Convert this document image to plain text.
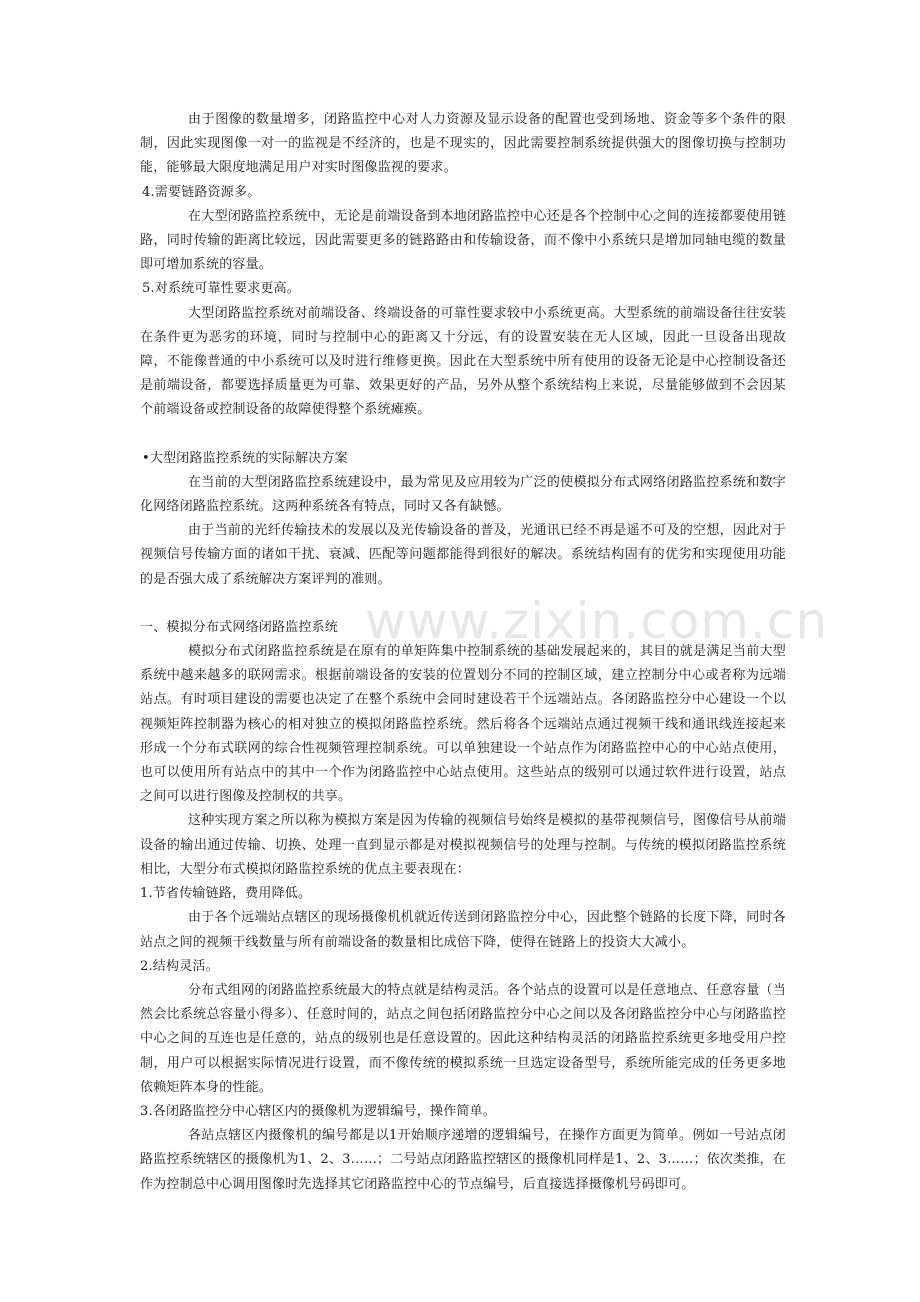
www.zixin.com.cn

由于图像的数量增多，闭路监控中心对人力资源及显示设备的配置也受到场地、资金等多个条件的限制，因此实现图像一对一的监视是不经济的，也是不现实的，因此需要控制系统提供强大的图像切换与控制功能，能够最大限度地满足用户对实时图像监视的要求。

4.需要链路资源多。

在大型闭路监控系统中，无论是前端设备到本地闭路监控中心还是各个控制中心之间的连接都要使用链路，同时传输的距离比较远，因此需要更多的链路路由和传输设备，而不像中小系统只是增加同轴电缆的数量即可增加系统的容量。

5.对系统可靠性要求更高。

大型闭路监控系统对前端设备、终端设备的可靠性要求较中小系统更高。大型系统的前端设备往往安装在条件更为恶劣的环境，同时与控制中心的距离又十分远，有的设置安装在无人区域，因此一旦设备出现故障，不能像普通的中小系统可以及时进行维修更换。因此在大型系统中所有使用的设备无论是中心控制设备还是前端设备，都要选择质量更为可靠、效果更好的产品，另外从整个系统结构上来说，尽量能够做到不会因某个前端设备或控制设备的故障使得整个系统瘫痪。

•大型闭路监控系统的实际解决方案

在当前的大型闭路监控系统建设中，最为常见及应用较为广泛的使模拟分布式网络闭路监控系统和数字化网络闭路监控系统。这两种系统各有特点，同时又各有缺憾。

由于当前的光纤传输技术的发展以及光传输设备的普及，光通讯已经不再是遥不可及的空想，因此对于视频信号传输方面的诸如干扰、衰减、匹配等问题都能得到很好的解决。系统结构固有的优劣和实现使用功能的是否强大成了系统解决方案评判的准则。

一、模拟分布式网络闭路监控系统

模拟分布式闭路监控系统是在原有的单矩阵集中控制系统的基础发展起来的，其目的就是满足当前大型系统中越来越多的联网需求。根据前端设备的安装的位置划分不同的控制区域，建立控制分中心或者称为远端站点。有时项目建设的需要也决定了在整个系统中会同时建设若干个远端站点。各闭路监控分中心建设一个以视频矩阵控制器为核心的相对独立的模拟闭路监控系统。然后将各个远端站点通过视频干线和通讯线连接起来形成一个分布式联网的综合性视频管理控制系统。可以单独建设一个站点作为闭路监控中心的中心站点使用，也可以使用所有站点中的其中一个作为闭路监控中心站点使用。这些站点的级别可以通过软件进行设置，站点之间可以进行图像及控制权的共享。

这种实现方案之所以称为模拟方案是因为传输的视频信号始终是模拟的基带视频信号，图像信号从前端设备的输出通过传输、切换、处理一直到显示都是对模拟视频信号的处理与控制。与传统的模拟闭路监控系统相比，大型分布式模拟闭路监控系统的优点主要表现在：

1.节省传输链路，费用降低。

由于各个远端站点辖区的现场摄像机机就近传送到闭路监控分中心，因此整个链路的长度下降，同时各站点之间的视频干线数量与所有前端设备的数量相比成倍下降，使得在链路上的投资大大减小。

2.结构灵活。

分布式组网的闭路监控系统最大的特点就是结构灵活。各个站点的设置可以是任意地点、任意容量（当然会比系统总容量小得多）、任意时间的，站点之间包括闭路监控分中心之间以及各闭路监控分中心与闭路监控中心之间的互连也是任意的，站点的级别也是任意设置的。因此这种结构灵活的闭路监控系统更多地受用户控制，用户可以根据实际情况进行设置，而不像传统的模拟系统一旦选定设备型号，系统所能完成的任务更多地依赖矩阵本身的性能。

3.各闭路监控分中心辖区内的摄像机为逻辑编号，操作简单。

各站点辖区内摄像机的编号都是以1开始顺序递增的逻辑编号，在操作方面更为简单。例如一号站点闭路监控系统辖区的摄像机为1、2、3……；二号站点闭路监控辖区的摄像机同样是1、2、3……；依次类推，在作为控制总中心调用图像时先选择其它闭路监控中心的节点编号，后直接选择摄像机号码即可。
